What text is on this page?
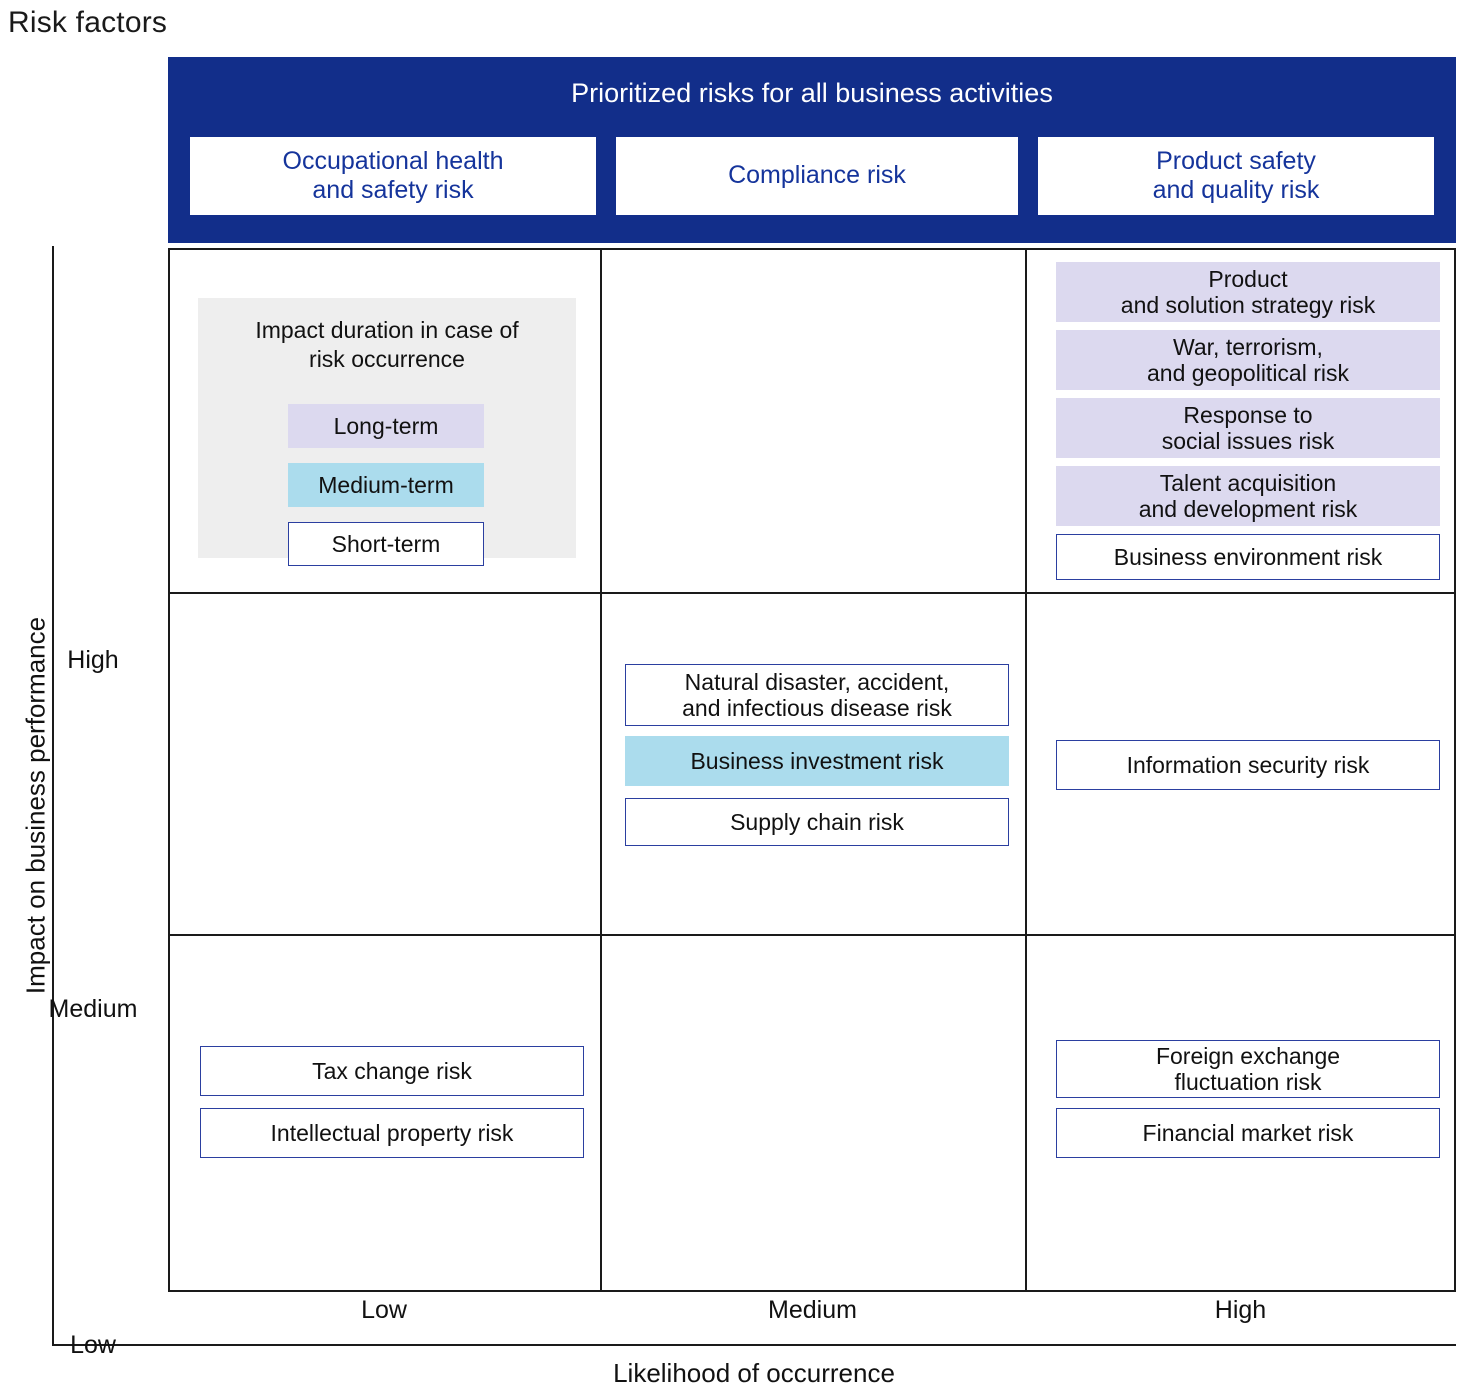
Risk factors
Prioritized risks for all business activities
Occupational health
and safety risk
Compliance risk
Product safety
and quality risk
Impact on business performance
Likelihood of occurrence
High
Medium
Low
Low	Medium	High
Impact duration in case of
risk occurrence
Long-term
Medium-term
Short-term
Product
and solution strategy risk
War, terrorism,
and geopolitical risk
Response to
social issues risk
Talent acquisition
and development risk
Business environment risk
Natural disaster, accident,
and infectious disease risk
Business investment risk
Supply chain risk
Information security risk
Tax change risk
Intellectual property risk
Foreign exchange
fluctuation risk
Financial market risk
